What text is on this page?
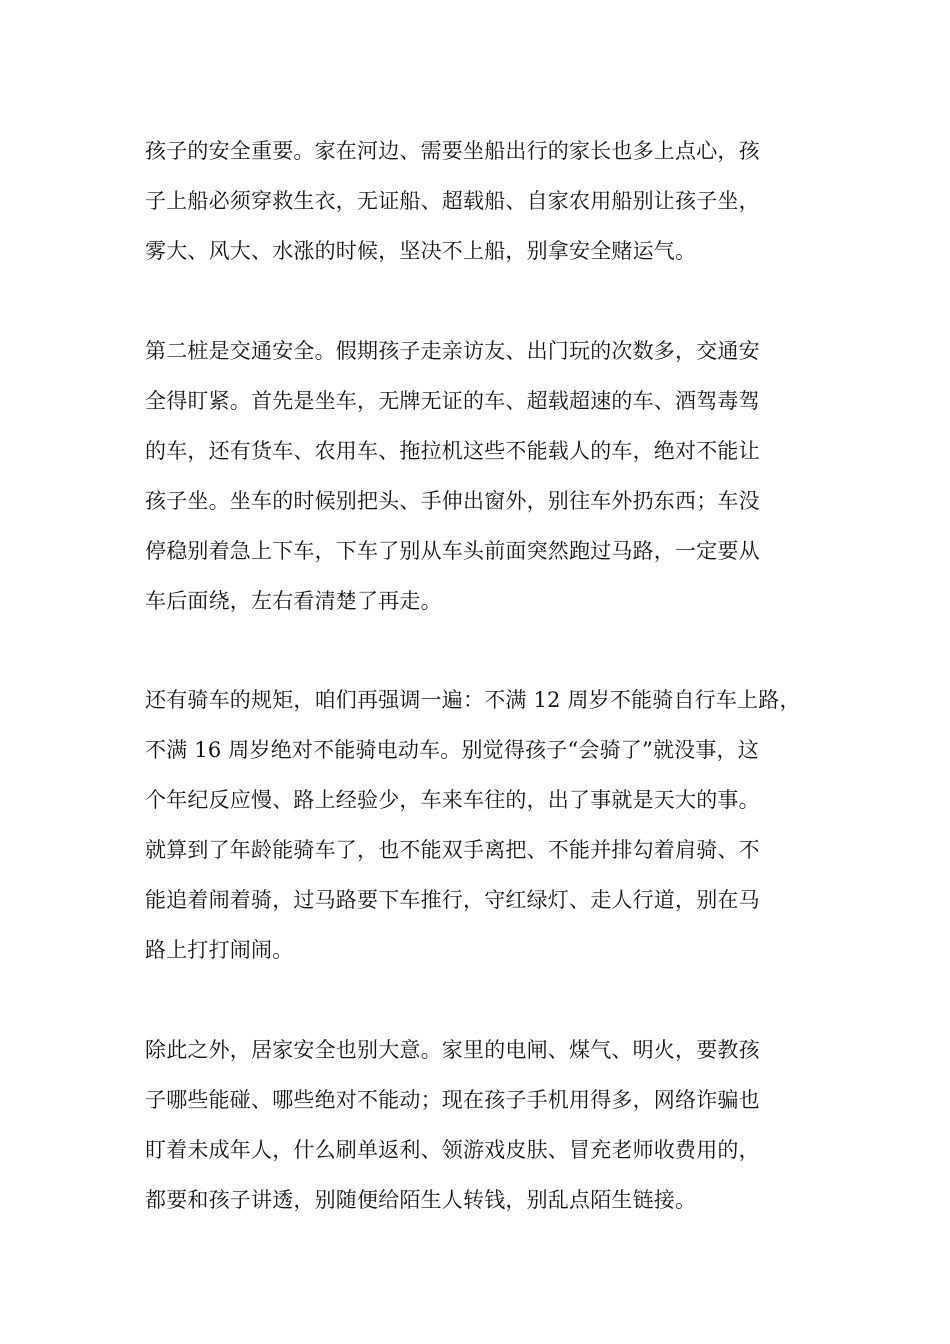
孩子的安全重要。家在河边、需要坐船出行的家长也多上点心，孩
子上船必须穿救生衣，无证船、超载船、自家农用船别让孩子坐，
雾大、风大、水涨的时候，坚决不上船，别拿安全赌运气。
第二桩是交通安全。假期孩子走亲访友、出门玩的次数多，交通安
全得盯紧。首先是坐车，无牌无证的车、超载超速的车、酒驾毒驾
的车，还有货车、农用车、拖拉机这些不能载人的车，绝对不能让
孩子坐。坐车的时候别把头、手伸出窗外，别往车外扔东西；车没
停稳别着急上下车，下车了别从车头前面突然跑过马路，一定要从
车后面绕，左右看清楚了再走。
还有骑车的规矩，咱们再强调一遍：不满 12 周岁不能骑自行车上路，
不满 16 周岁绝对不能骑电动车。别觉得孩子“会骑了”就没事，这
个年纪反应慢、路上经验少，车来车往的，出了事就是天大的事。
就算到了年龄能骑车了，也不能双手离把、不能并排勾着肩骑、不
能追着闹着骑，过马路要下车推行，守红绿灯、走人行道，别在马
路上打打闹闹。
除此之外，居家安全也别大意。家里的电闸、煤气、明火，要教孩
子哪些能碰、哪些绝对不能动；现在孩子手机用得多，网络诈骗也
盯着未成年人，什么刷单返利、领游戏皮肤、冒充老师收费用的，
都要和孩子讲透，别随便给陌生人转钱，别乱点陌生链接。
